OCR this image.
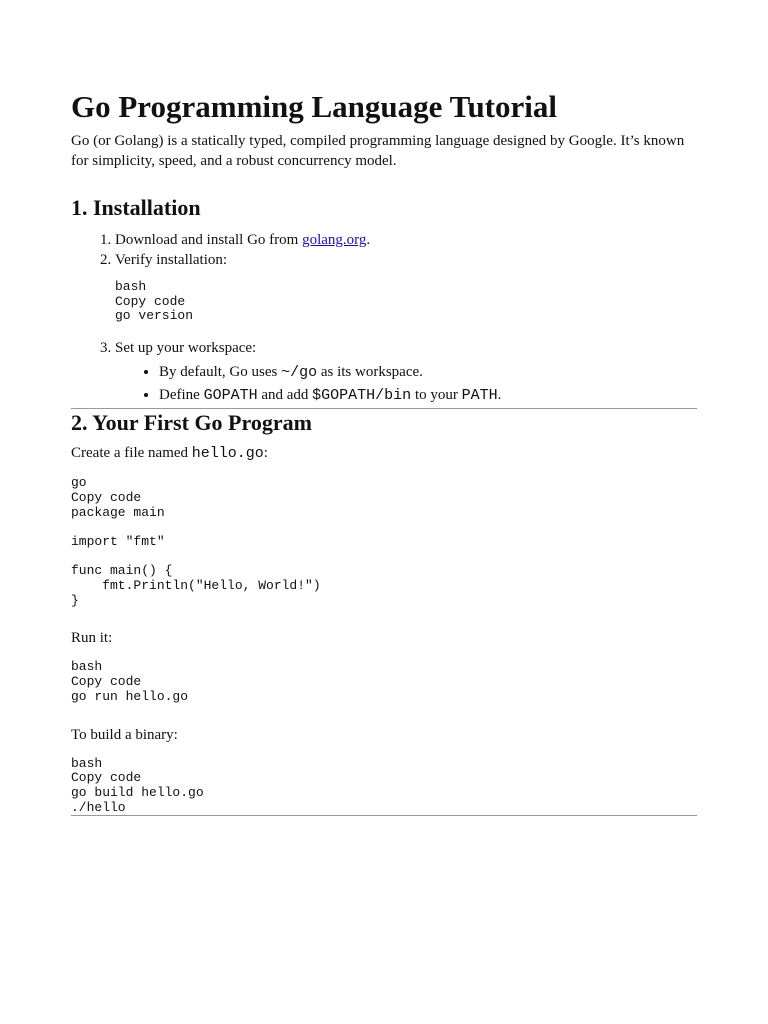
Go Programming Language Tutorial

Go (or Golang) is a statically typed, compiled programming language designed by Google. It’s known for simplicity, speed, and a robust concurrency model.

1. Installation
1. Download and install Go from golang.org.
2. Verify installation:
bash
Copy code
go version
3. Set up your workspace:
• By default, Go uses ~/go as its workspace.
• Define GOPATH and add $GOPATH/bin to your PATH.
2. Your First Go Program

Create a file named hello.go:

go
Copy code
package main

import "fmt"

func main() {
fmt.Println("Hello, World!")
}

Run it:

bash
Copy code
go run hello.go

To build a binary:

bash
Copy code
go build hello.go
./hello
